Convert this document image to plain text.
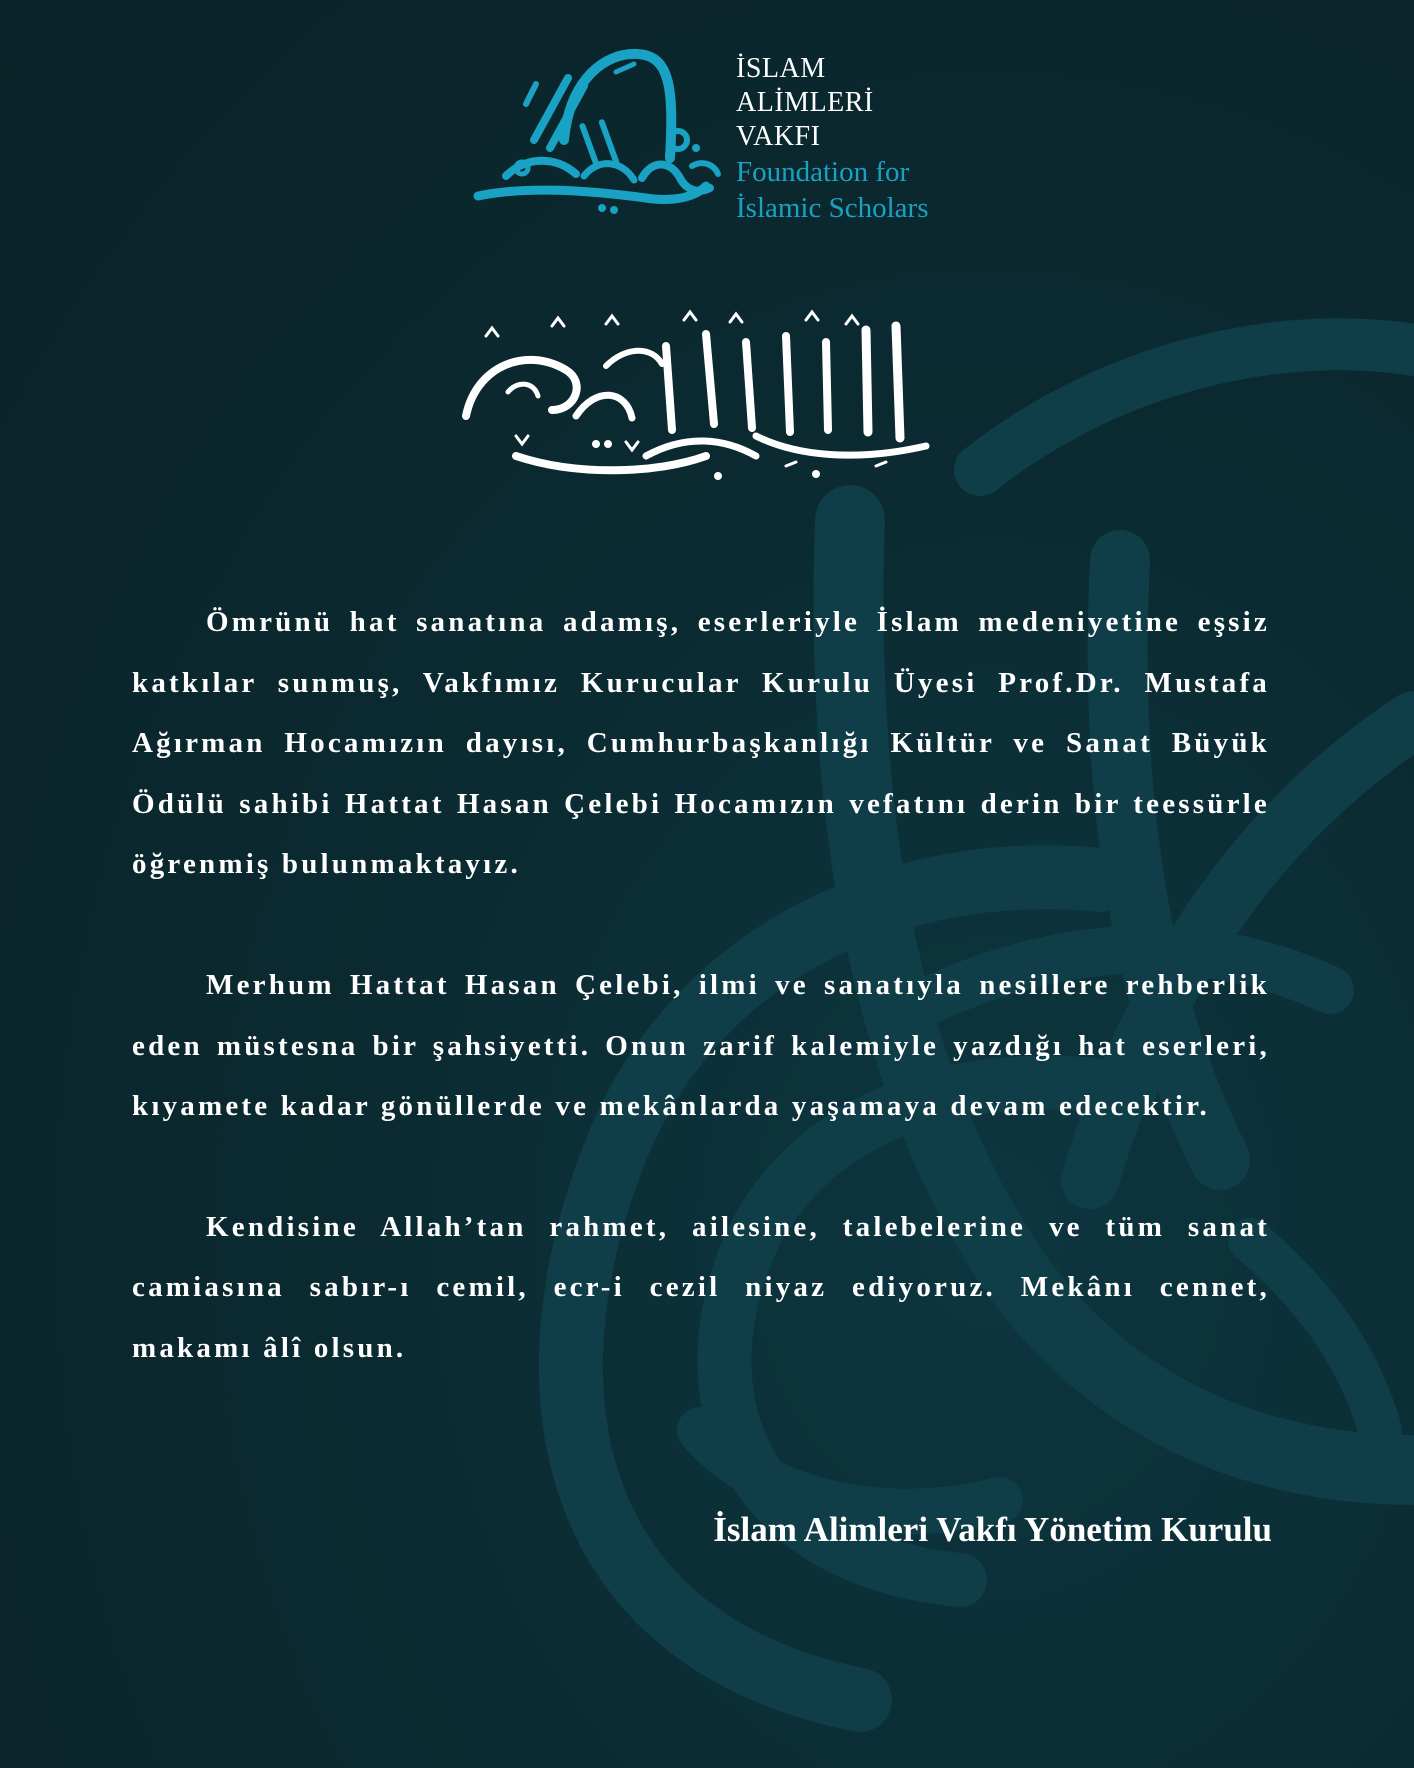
İSLAM
ALİMLERİ
VAKFI
Foundation for
İslamic Scholars

Ömrünü hat sanatına adamış, eserleriyle İslam medeniyetine eşsiz katkılar sunmuş, Vakfımız Kurucular Kurulu Üyesi Prof.Dr. Mustafa Ağırman Hocamızın dayısı, Cumhurbaşkanlığı Kültür ve Sanat Büyük Ödülü sahibi Hattat Hasan Çelebi Hocamızın vefatını derin bir teessürle öğrenmiş bulunmaktayız.

Merhum Hattat Hasan Çelebi, ilmi ve sanatıyla nesillere rehberlik eden müstesna bir şahsiyetti. Onun zarif kalemiyle yazdığı hat eserleri, kıyamete kadar gönüllerde ve mekânlarda yaşamaya devam edecektir.

Kendisine Allah’tan rahmet, ailesine, talebelerine ve tüm sanat camiasına sabır-ı cemil, ecr-i cezil niyaz ediyoruz. Mekânı cennet, makamı âlî olsun.

İslam Alimleri Vakfı Yönetim Kurulu
